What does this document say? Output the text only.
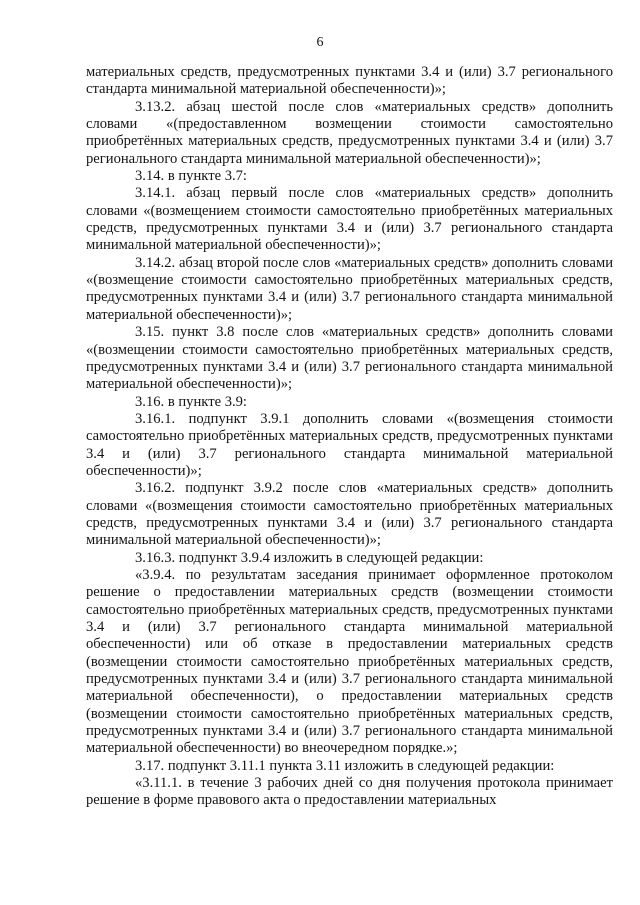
6

материальных средств, предусмотренных пунктами 3.4 и (или) 3.7 регионального стандарта минимальной материальной обеспеченности)»;

3.13.2. абзац шестой после слов «материальных средств» дополнить словами «(предоставленном возмещении стоимости самостоятельно приобретённых материальных средств, предусмотренных пунктами 3.4 и (или) 3.7 регионального стандарта минимальной материальной обеспеченности)»;

3.14. в пункте 3.7:

3.14.1. абзац первый после слов «материальных средств» дополнить словами «(возмещением стоимости самостоятельно приобретённых материальных средств, предусмотренных пунктами 3.4 и (или) 3.7 регионального стандарта минимальной материальной обеспеченности)»;

3.14.2. абзац второй после слов «материальных средств» дополнить словами «(возмещение стоимости самостоятельно приобретённых материальных средств, предусмотренных пунктами 3.4 и (или) 3.7 регионального стандарта минимальной материальной обеспеченности)»;

3.15. пункт 3.8 после слов «материальных средств» дополнить словами «(возмещении стоимости самостоятельно приобретённых материальных средств, предусмотренных пунктами 3.4 и (или) 3.7 регионального стандарта минимальной материальной обеспеченности)»;

3.16. в пункте 3.9:

3.16.1. подпункт 3.9.1 дополнить словами «(возмещения стоимости самостоятельно приобретённых материальных средств, предусмотренных пунктами 3.4 и (или) 3.7 регионального стандарта минимальной материальной обеспеченности)»;

3.16.2. подпункт 3.9.2 после слов «материальных средств» дополнить словами «(возмещения стоимости самостоятельно приобретённых материальных средств, предусмотренных пунктами 3.4 и (или) 3.7 регионального стандарта минимальной материальной обеспеченности)»;

3.16.3. подпункт 3.9.4 изложить в следующей редакции:

«3.9.4. по результатам заседания принимает оформленное протоколом решение о предоставлении материальных средств (возмещении стоимости самостоятельно приобретённых материальных средств, предусмотренных пунктами 3.4 и (или) 3.7 регионального стандарта минимальной материальной обеспеченности) или об отказе в предоставлении материальных средств (возмещении стоимости самостоятельно приобретённых материальных средств, предусмотренных пунктами 3.4 и (или) 3.7 регионального стандарта минимальной материальной обеспеченности), о предоставлении материальных средств (возмещении стоимости самостоятельно приобретённых материальных средств, предусмотренных пунктами 3.4 и (или) 3.7 регионального стандарта минимальной материальной обеспеченности) во внеочередном порядке.»;

3.17. подпункт 3.11.1 пункта 3.11 изложить в следующей редакции:

«3.11.1. в течение 3 рабочих дней со дня получения протокола принимает решение в форме правового акта о предоставлении материальных
